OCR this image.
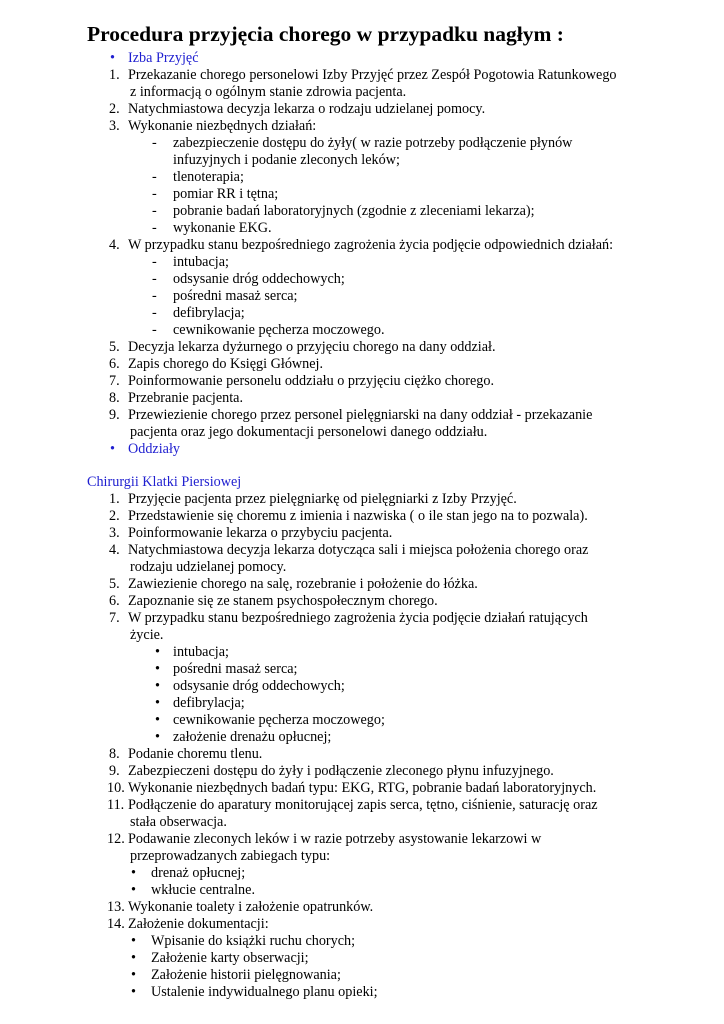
Procedura przyjęcia chorego w przypadku nagłym :
• Izba Przyjęć
1. Przekazanie chorego personelowi Izby Przyjęć przez Zespół Pogotowia Ratunkowego
z informacją o ogólnym stanie zdrowia pacjenta.
2. Natychmiastowa decyzja lekarza o rodzaju udzielanej pomocy.
3. Wykonanie niezbędnych działań:
- zabezpieczenie dostępu do żyły( w razie potrzeby podłączenie płynów
infuzyjnych i podanie zleconych leków;
- tlenoterapia;
- pomiar RR i tętna;
- pobranie badań laboratoryjnych (zgodnie z zleceniami lekarza);
- wykonanie EKG.
4. W przypadku stanu bezpośredniego zagrożenia życia podjęcie odpowiednich działań:
- intubacja;
- odsysanie dróg oddechowych;
- pośredni masaż serca;
- defibrylacja;
- cewnikowanie pęcherza moczowego.
5. Decyzja lekarza dyżurnego o przyjęciu chorego na dany oddział.
6. Zapis chorego do Księgi Głównej.
7. Poinformowanie personelu oddziału o przyjęciu ciężko chorego.
8. Przebranie pacjenta.
9. Przewiezienie chorego przez personel pielęgniarski na dany oddział - przekazanie
pacjenta oraz jego dokumentacji personelowi danego oddziału.
• Oddziały
Chirurgii Klatki Piersiowej
1. Przyjęcie pacjenta przez pielęgniarkę od pielęgniarki z Izby Przyjęć.
2. Przedstawienie się choremu z imienia i nazwiska ( o ile stan jego na to pozwala).
3. Poinformowanie lekarza o przybyciu pacjenta.
4. Natychmiastowa decyzja lekarza dotycząca sali i miejsca położenia chorego oraz
rodzaju udzielanej pomocy.
5. Zawiezienie chorego na salę, rozebranie i położenie do łóżka.
6. Zapoznanie się ze stanem psychospołecznym chorego.
7. W przypadku stanu bezpośredniego zagrożenia życia podjęcie działań ratujących
życie.
• intubacja;
• pośredni masaż serca;
• odsysanie dróg oddechowych;
• defibrylacja;
• cewnikowanie pęcherza moczowego;
• założenie drenażu opłucnej;
8. Podanie choremu tlenu.
9. Zabezpieczeni dostępu do żyły i podłączenie zleconego płynu infuzyjnego.
10. Wykonanie niezbędnych badań typu: EKG, RTG, pobranie badań laboratoryjnych.
11. Podłączenie do aparatury monitorującej zapis serca, tętno, ciśnienie, saturację oraz
stała obserwacja.
12. Podawanie zleconych leków i w razie potrzeby asystowanie lekarzowi w
przeprowadzanych zabiegach typu:
• drenaż opłucnej;
• wkłucie centralne.
13. Wykonanie toalety i założenie opatrunków.
14. Założenie dokumentacji:
• Wpisanie do książki ruchu chorych;
• Założenie karty obserwacji;
• Założenie historii pielęgnowania;
• Ustalenie indywidualnego planu opieki;
